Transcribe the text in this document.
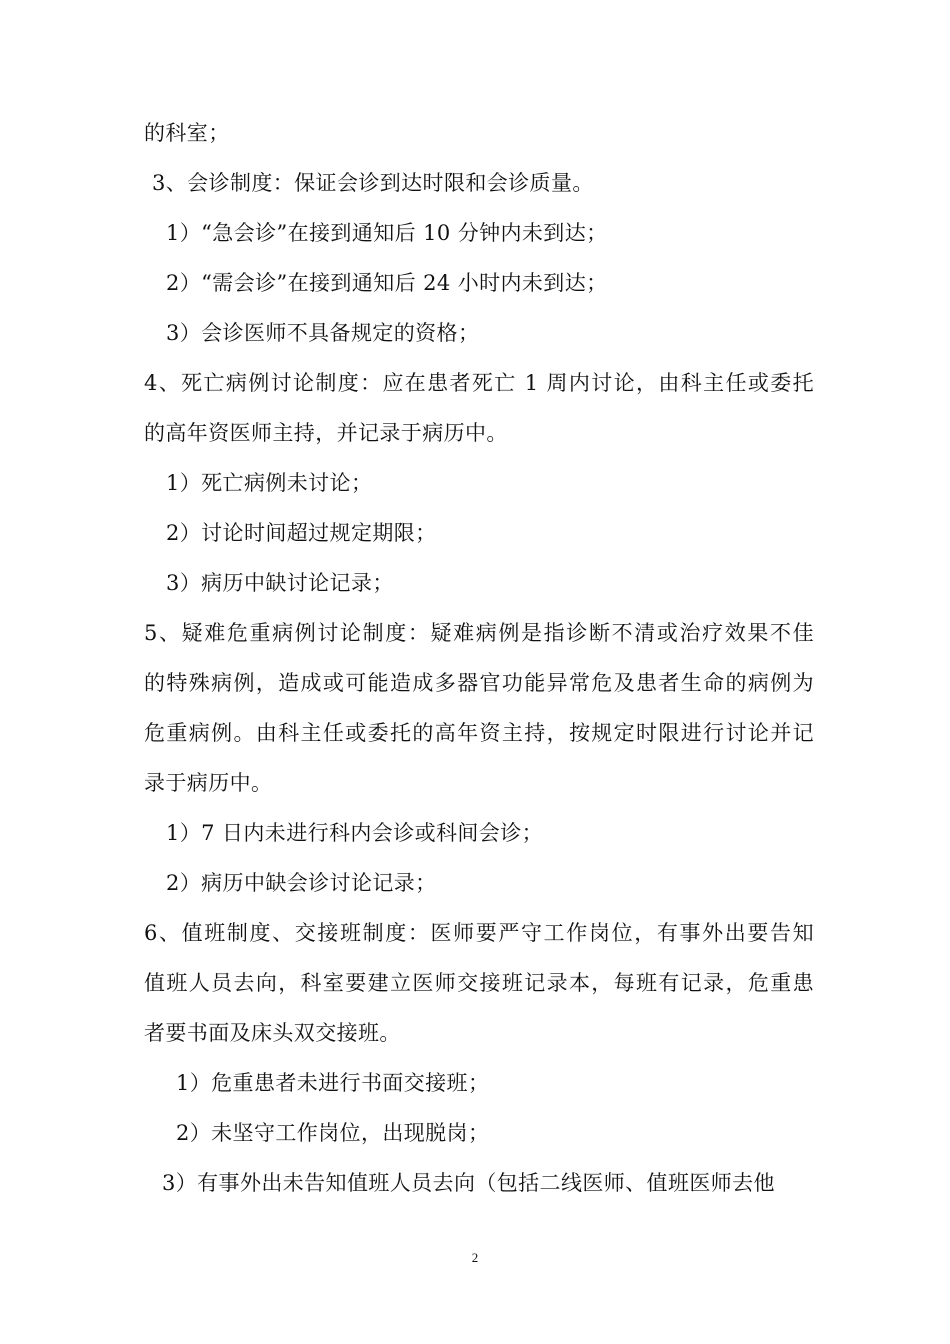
的科室；
3、会诊制度：保证会诊到达时限和会诊质量。
1）“急会诊”在接到通知后 10 分钟内未到达；
2）“需会诊”在接到通知后 24 小时内未到达；
3）会诊医师不具备规定的资格；
4、死亡病例讨论制度：应在患者死亡 1 周内讨论，由科主任或委托
的高年资医师主持，并记录于病历中。
1）死亡病例未讨论；
2）讨论时间超过规定期限；
3）病历中缺讨论记录；
5、疑难危重病例讨论制度：疑难病例是指诊断不清或治疗效果不佳
的特殊病例，造成或可能造成多器官功能异常危及患者生命的病例为
危重病例。由科主任或委托的高年资主持，按规定时限进行讨论并记
录于病历中。
1）7 日内未进行科内会诊或科间会诊；
2）病历中缺会诊讨论记录；
6、值班制度、交接班制度：医师要严守工作岗位，有事外出要告知
值班人员去向，科室要建立医师交接班记录本，每班有记录，危重患
者要书面及床头双交接班。
1）危重患者未进行书面交接班；
2）未坚守工作岗位，出现脱岗；
3）有事外出未告知值班人员去向（包括二线医师、值班医师去他
2
